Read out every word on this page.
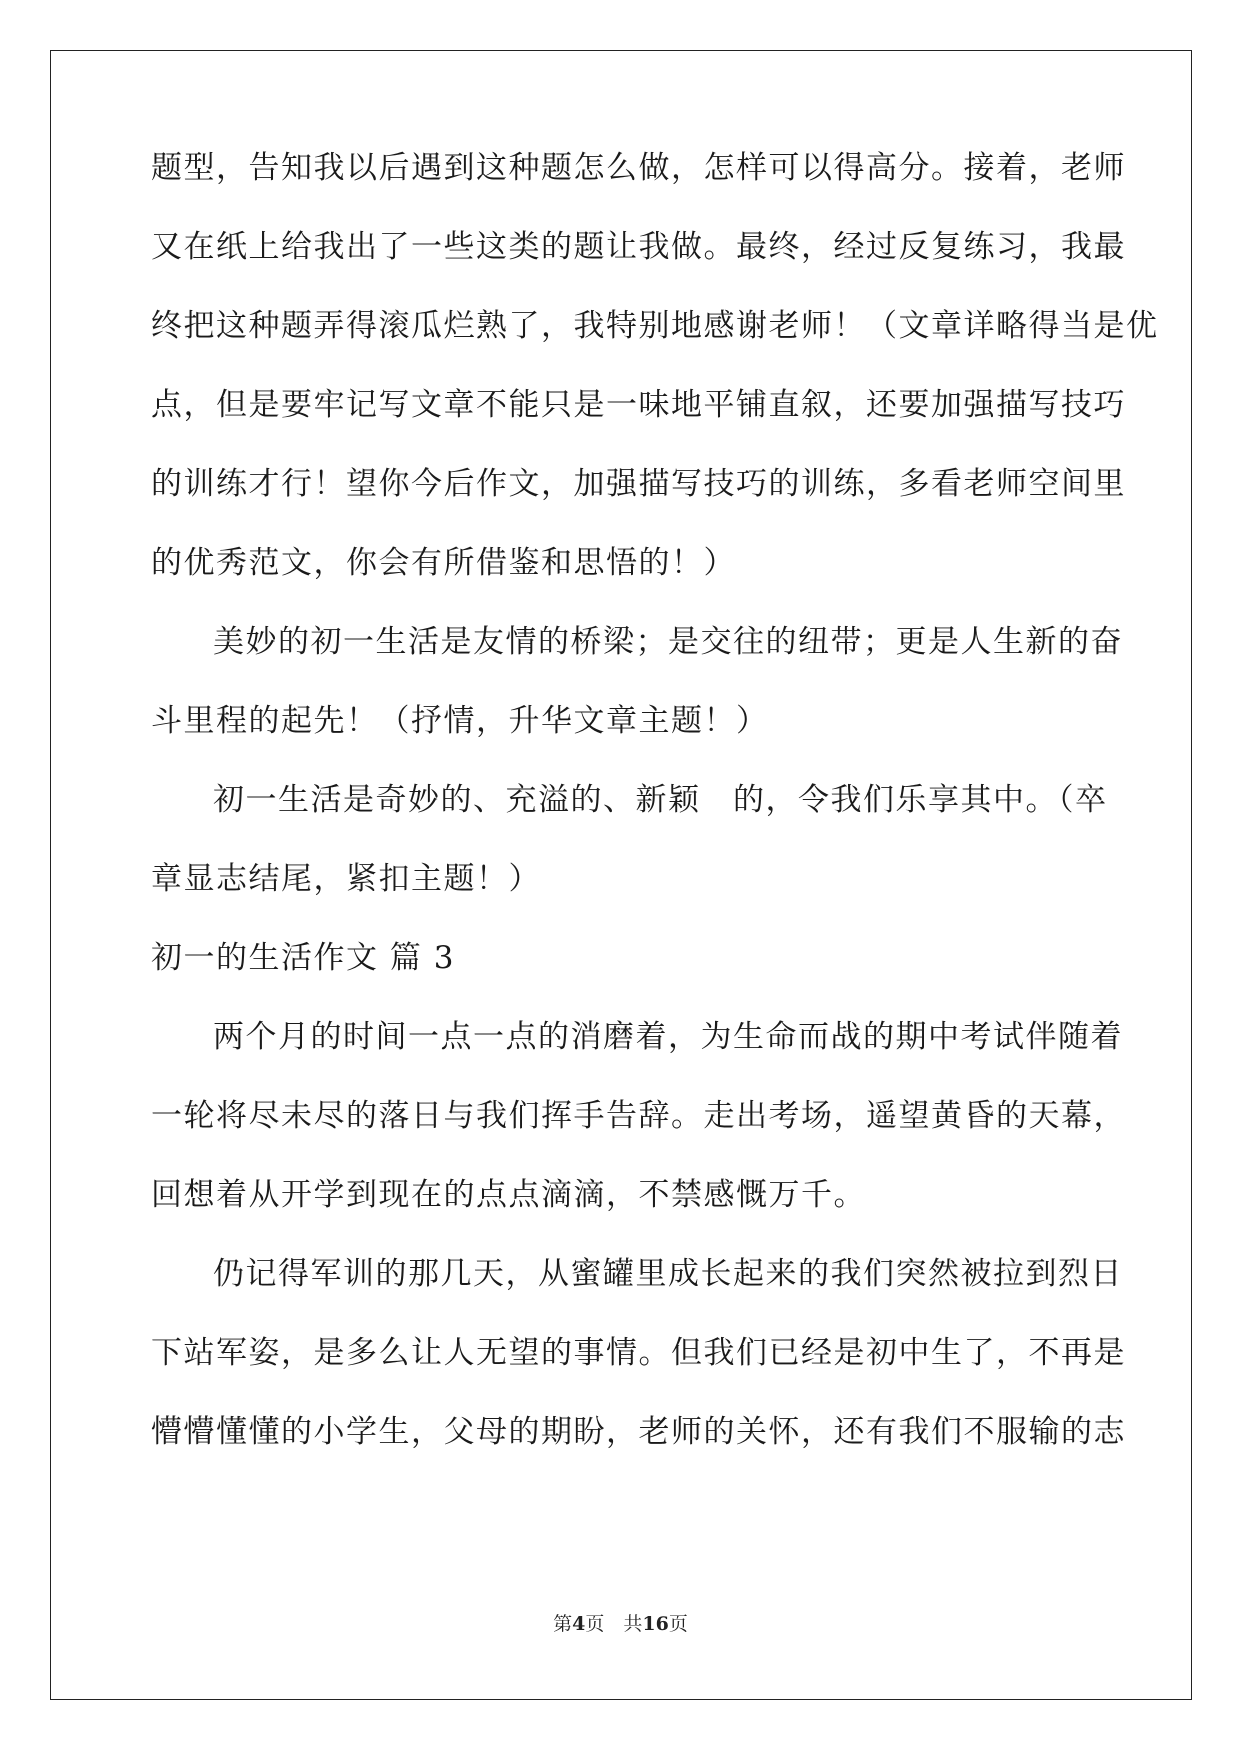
题型，告知我以后遇到这种题怎么做，怎样可以得高分。接着，老师
又在纸上给我出了一些这类的题让我做。最终，经过反复练习，我最
终把这种题弄得滚瓜烂熟了，我特别地感谢老师！（文章详略得当是优
点，但是要牢记写文章不能只是一味地平铺直叙，还要加强描写技巧
的训练才行！望你今后作文，加强描写技巧的训练，多看老师空间里
的优秀范文，你会有所借鉴和思悟的！）
美妙的初一生活是友情的桥梁；是交往的纽带；更是人生新的奋
斗里程的起先！（抒情，升华文章主题！）
初一生活是奇妙的、充溢的、新颖　的，令我们乐享其中。（卒
章显志结尾，紧扣主题！）
初一的生活作文 篇 3
两个月的时间一点一点的消磨着，为生命而战的期中考试伴随着
一轮将尽未尽的落日与我们挥手告辞。走出考场，遥望黄昏的天幕，
回想着从开学到现在的点点滴滴，不禁感慨万千。
仍记得军训的那几天，从蜜罐里成长起来的我们突然被拉到烈日
下站军姿，是多么让人无望的事情。但我们已经是初中生了，不再是
懵懵懂懂的小学生，父母的期盼，老师的关怀，还有我们不服输的志
第4页　共16页
